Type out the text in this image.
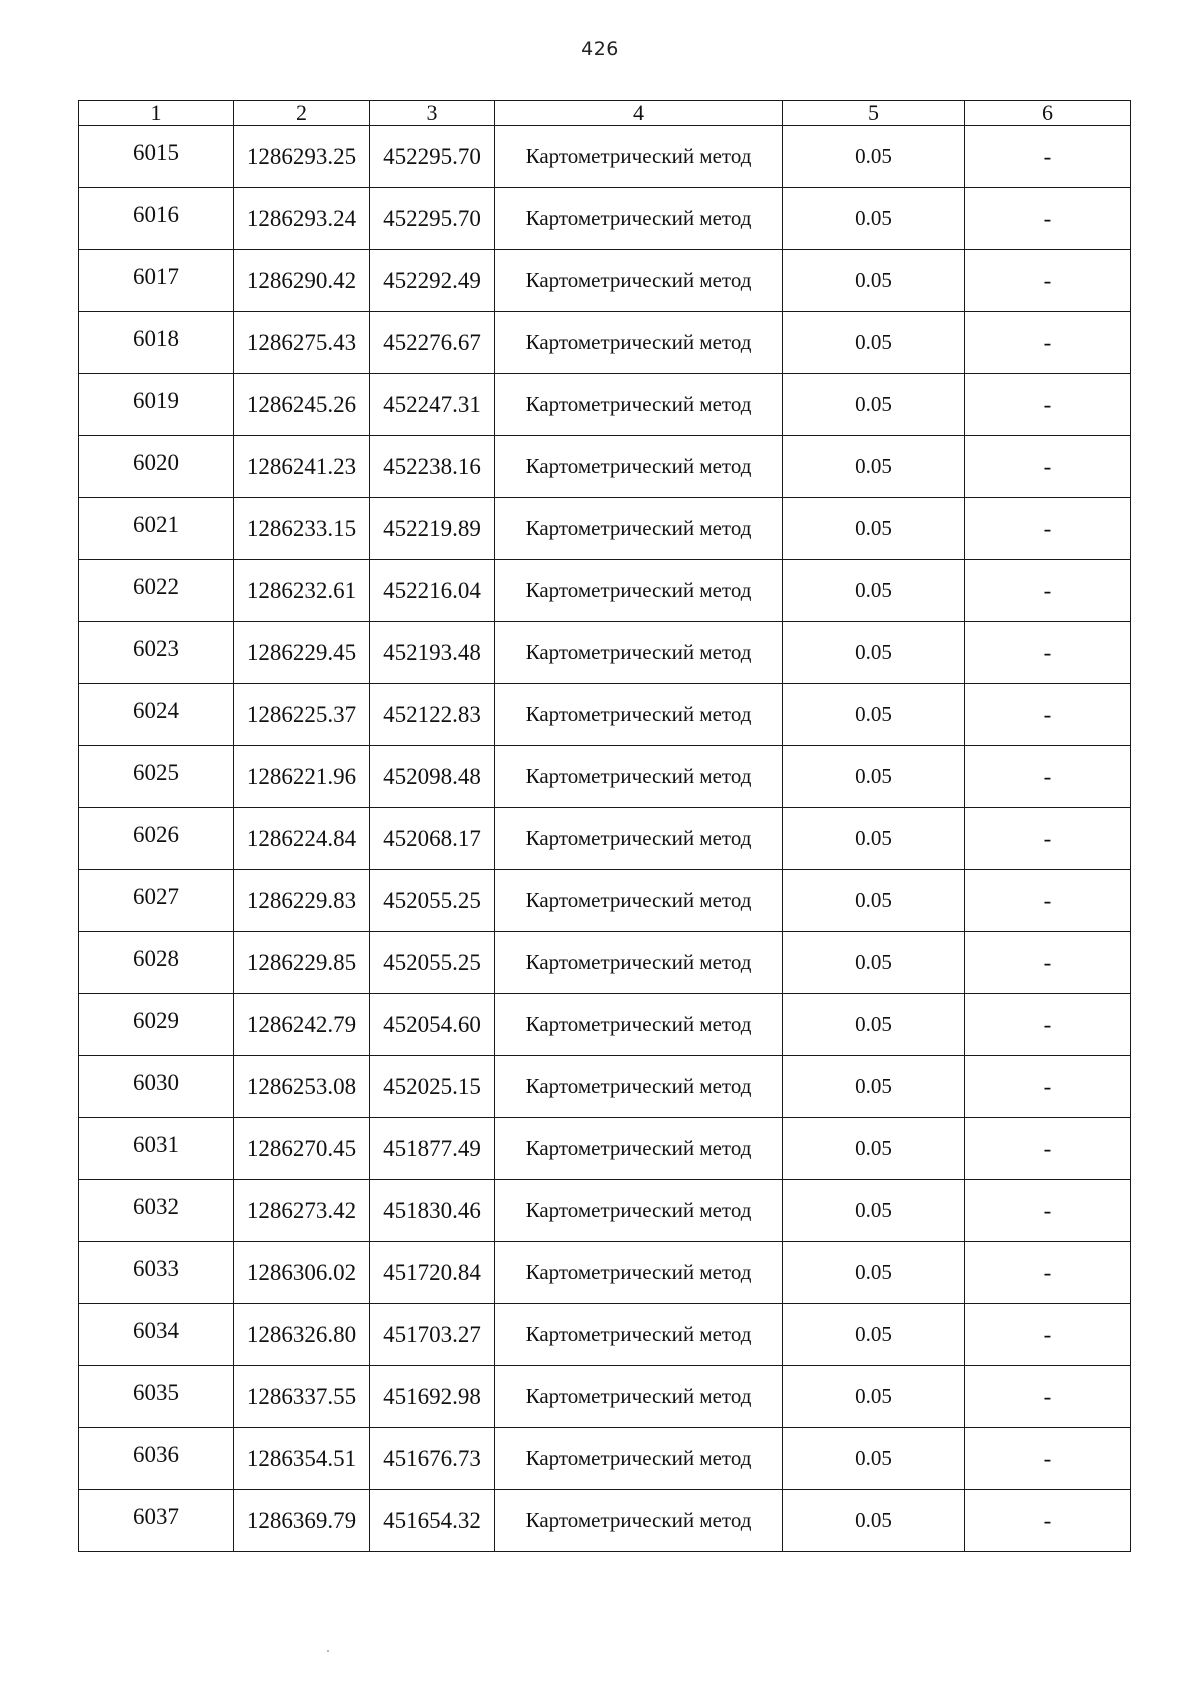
426
1	2	3	4	5	6
6015	1286293.25	452295.70	Картометрический метод	0.05	-
6016	1286293.24	452295.70	Картометрический метод	0.05	-
6017	1286290.42	452292.49	Картометрический метод	0.05	-
6018	1286275.43	452276.67	Картометрический метод	0.05	-
6019	1286245.26	452247.31	Картометрический метод	0.05	-
6020	1286241.23	452238.16	Картометрический метод	0.05	-
6021	1286233.15	452219.89	Картометрический метод	0.05	-
6022	1286232.61	452216.04	Картометрический метод	0.05	-
6023	1286229.45	452193.48	Картометрический метод	0.05	-
6024	1286225.37	452122.83	Картометрический метод	0.05	-
6025	1286221.96	452098.48	Картометрический метод	0.05	-
6026	1286224.84	452068.17	Картометрический метод	0.05	-
6027	1286229.83	452055.25	Картометрический метод	0.05	-
6028	1286229.85	452055.25	Картометрический метод	0.05	-
6029	1286242.79	452054.60	Картометрический метод	0.05	-
6030	1286253.08	452025.15	Картометрический метод	0.05	-
6031	1286270.45	451877.49	Картометрический метод	0.05	-
6032	1286273.42	451830.46	Картометрический метод	0.05	-
6033	1286306.02	451720.84	Картометрический метод	0.05	-
6034	1286326.80	451703.27	Картометрический метод	0.05	-
6035	1286337.55	451692.98	Картометрический метод	0.05	-
6036	1286354.51	451676.73	Картометрический метод	0.05	-
6037	1286369.79	451654.32	Картометрический метод	0.05	-
